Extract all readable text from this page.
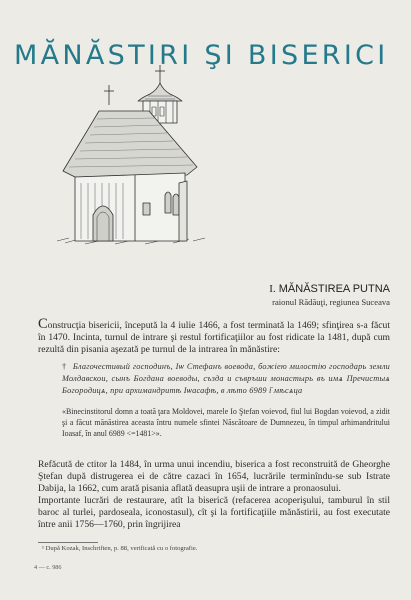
MĂNĂSTIRI ŞI BISERICI
I. MĂNĂSTIREA PUTNA
raionul Rădăuţi, regiunea Suceava

Construcţia bisericii, începută la 4 iulie 1466, a fost terminată la 1469; sfinţirea s-a făcut în 1470. Incinta, turnul de intrare şi restul fortificaţiilor au fost ridicate la 1481, după cum rezultă din pisania aşezată pe turnul de la intrarea în mănăstire:

† Благочестивый господинъ, Іѡ Стефанъ воевода, божіею милостію господарь земли Молдавскои, сынъ Богдана воеводы, създа и съвръши монастырь въ имѧ Пречистыѧ Богородицѧ, при архимандритѣ Іѡасафѣ, в лѣто 6989 і҃ мѣсѧца

«Binecinstitorul domn a toată ţara Moldovei, marele Io Ştefan voievod, fiul lui Bogdan voievod, a zidit şi a făcut mănăstirea aceasta întru numele sfintei Născătoare de Dumnezeu, în timpul arhimandritului Ioasaf, în anul 6989 <=1481>».

Refăcută de ctitor la 1484, în urma unui incendiu, biserica a fost reconstruită de Gheorghe Ştefan după distrugerea ei de către cazaci în 1654, lucrările terminîndu-se sub Istrate Dabija, la 1662, cum arată pisania aflată deasupra uşii de intrare a pronaosului.

Importante lucrări de restaurare, atît la biserică (refacerea acoperişului, tamburul în stil baroc al turlei, pardoseala, iconostasul), cît şi la fortificaţiile mănăstirii, au fost executate între anii 1756—1760, prin îngrijirea

¹ După Kozak, Inschriften, p. 88, verificată cu o fotografie.

4 — c. 986
